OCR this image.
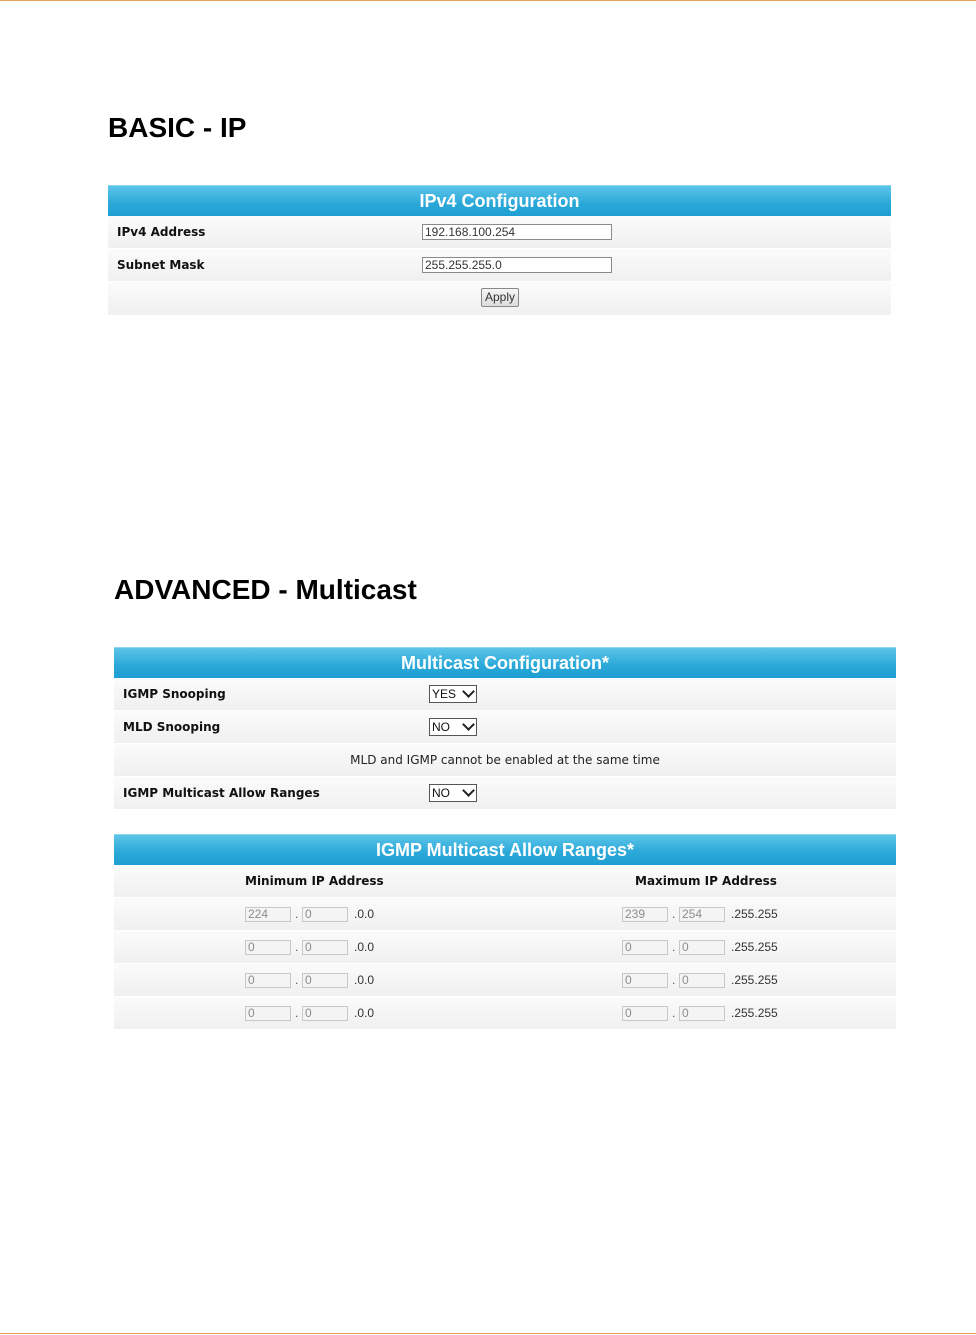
BASIC - IP
IPv4 Configuration
IPv4 Address	192.168.100.254
Subnet Mask	255.255.255.0
Apply
ADVANCED - Multicast
Multicast Configuration*
IGMP Snooping	YES
MLD Snooping	NO
MLD and IGMP cannot be enabled at the same time
IGMP Multicast Allow Ranges	NO
IGMP Multicast Allow Ranges*
Minimum IP Address	Maximum IP Address
224	. 0	.0.0	239	. 254	.255.255
0	. 0	.0.0	0	. 0	.255.255
0	. 0	.0.0	0	. 0	.255.255
0	. 0	.0.0	0	. 0	.255.255
